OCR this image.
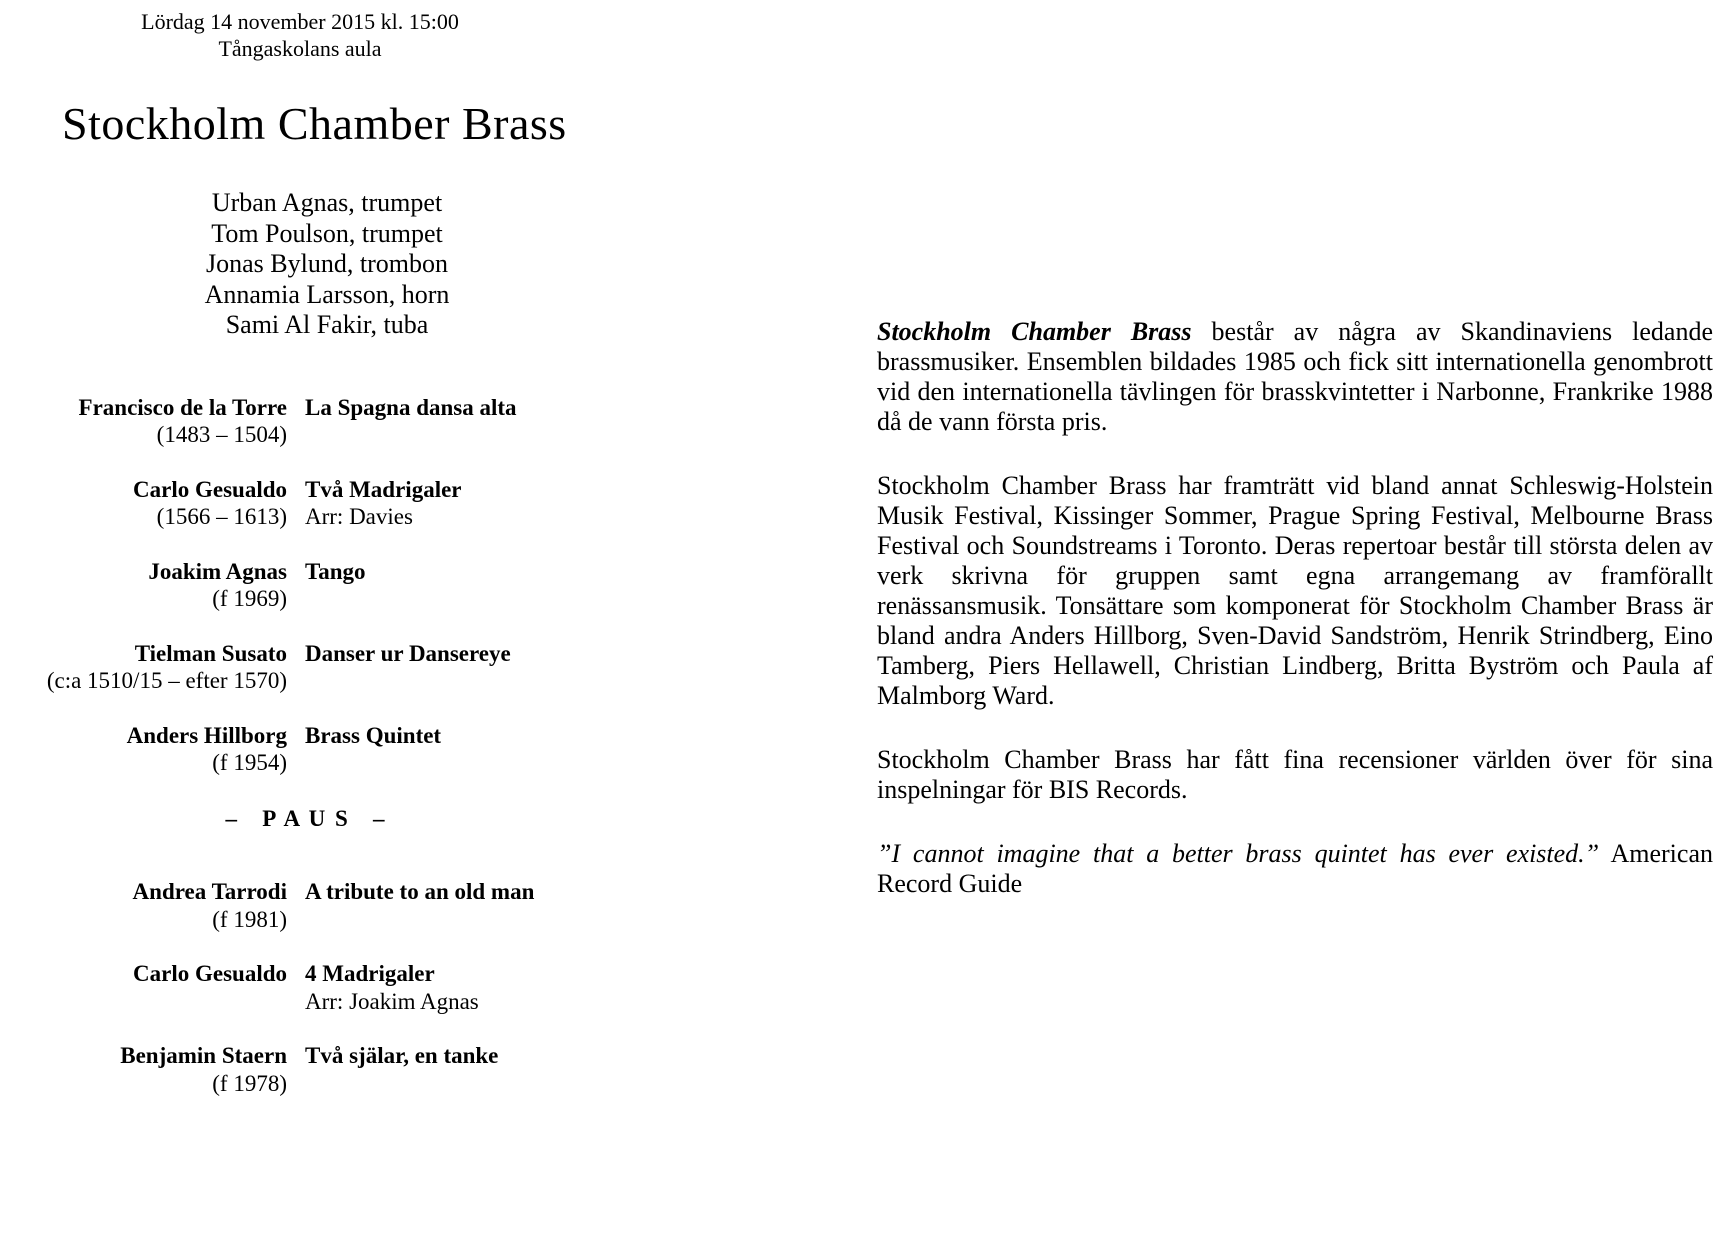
Lördag 14 november 2015 kl. 15:00
Tångaskolans aula
Stockholm Chamber Brass
Urban Agnas, trumpet
Tom Poulson, trumpet
Jonas Bylund, trombon
Annamia Larsson, horn
Sami Al Fakir, tuba
Francisco de la Torre
(1483 – 1504)
La Spagna dansa alta
Carlo Gesualdo
(1566 – 1613)
Två Madrigaler
Arr: Davies
Joakim Agnas
(f 1969)
Tango
Tielman Susato
(c:a 1510/15 – efter 1570)
Danser ur Dansereye
Anders Hillborg
(f 1954)
Brass Quintet
–   P A U S   –
Andrea Tarrodi
(f 1981)
A tribute to an old man
Carlo Gesualdo 4 Madrigaler
Arr: Joakim Agnas
Benjamin Staern
(f 1978)
Två själar, en tanke

Stockholm Chamber Brass består av några av Skandinaviens ledande brassmusiker. Ensemblen bildades 1985 och fick sitt internationella genombrott vid den internationella tävlingen för brasskvintetter i Narbonne, Frankrike 1988 då de vann första pris.

Stockholm Chamber Brass har framträtt vid bland annat Schleswig-Holstein Musik Festival, Kissinger Sommer, Prague Spring Festival, Melbourne Brass Festival och Soundstreams i Toronto. Deras repertoar består till största delen av verk skrivna för gruppen samt egna arrangemang av framförallt renässansmusik. Tonsättare som komponerat för Stockholm Chamber Brass är bland andra Anders Hillborg, Sven-David Sandström, Henrik Strindberg, Eino Tamberg, Piers Hellawell, Christian Lindberg, Britta Byström och Paula af Malmborg Ward.

Stockholm Chamber Brass har fått fina recensioner världen över för sina inspelningar för BIS Records.

”I cannot imagine that a better brass quintet has ever existed.” American Record Guide
